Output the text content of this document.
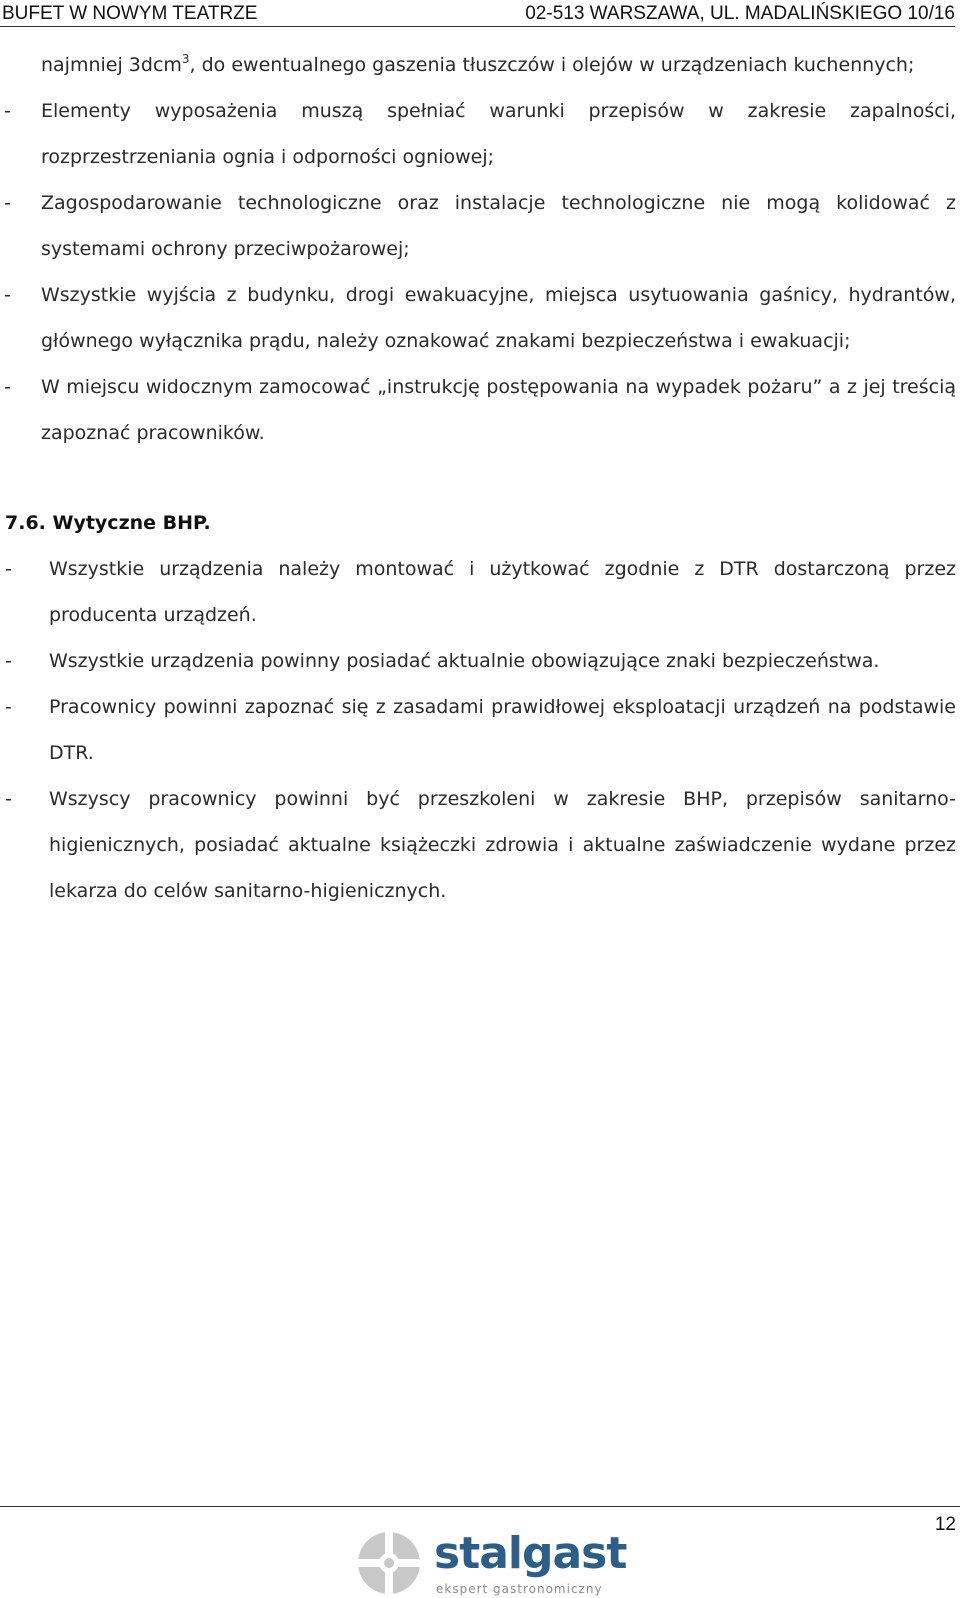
BUFET W NOWYM TEATRZE	02-513 WARSZAWA, UL. MADALIŃSKIEGO 10/16
najmniej 3dcm$^3$, do ewentualnego gaszenia tłuszczów i olejów w urządzeniach kuchennych;
- Elementy wyposażenia muszą spełniać warunki przepisów w zakresie zapalności, rozprzestrzeniania ognia i odporności ogniowej;
- Zagospodarowanie technologiczne oraz instalacje technologiczne nie mogą kolidować z systemami ochrony przeciwpożarowej;
- Wszystkie wyjścia z budynku, drogi ewakuacyjne, miejsca usytuowania gaśnicy, hydrantów, głównego wyłącznika prądu, należy oznakować znakami bezpieczeństwa i ewakuacji;
- W miejscu widocznym zamocować „instrukcję postępowania na wypadek pożaru” a z jej treścią zapoznać pracowników.
7.6. Wytyczne BHP.
- Wszystkie urządzenia należy montować i użytkować zgodnie z DTR dostarczoną przez producenta urządzeń.
- Wszystkie urządzenia powinny posiadać aktualnie obowiązujące znaki bezpieczeństwa.
- Pracownicy powinni zapoznać się z zasadami prawidłowej eksploatacji urządzeń na podstawie DTR.
- Wszyscy pracownicy powinni być przeszkoleni w zakresie BHP, przepisów sanitarno-higienicznych, posiadać aktualne książeczki zdrowia i aktualne zaświadczenie wydane przez lekarza do celów sanitarno-higienicznych.
12
stalgast
ekspert gastronomiczny
